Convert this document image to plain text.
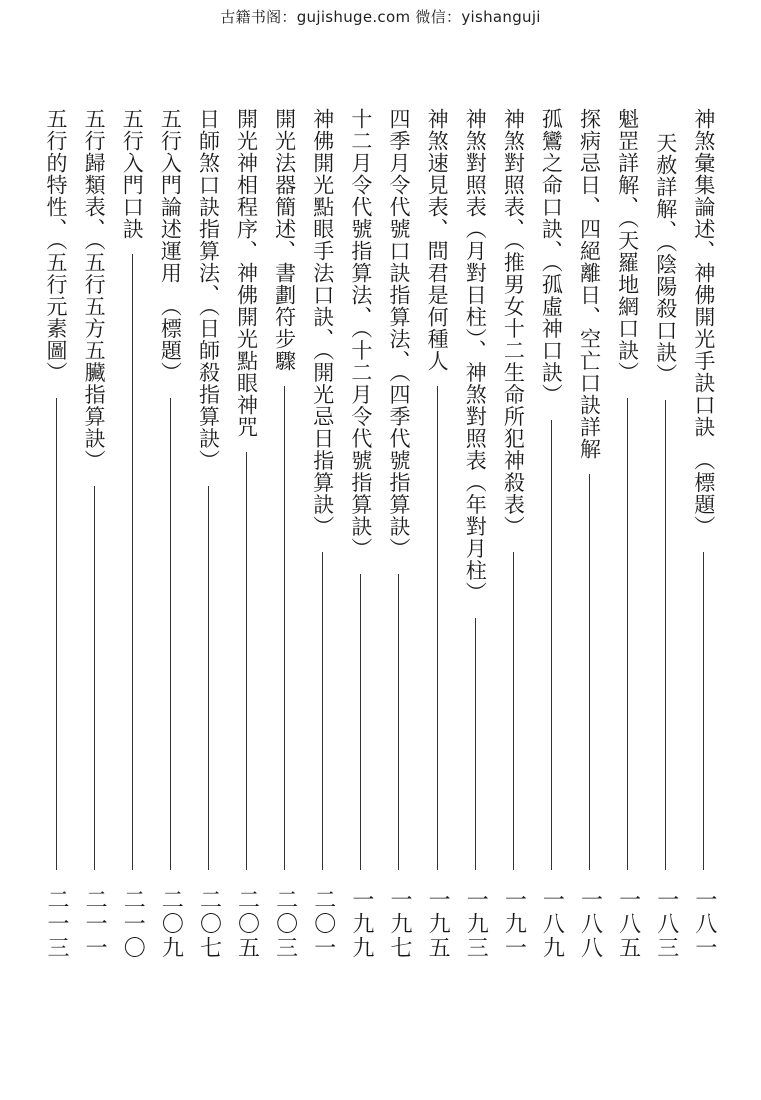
古籍书阁：gujishuge.com 微信：yishanguji
神煞彙集論述、神佛開光手訣口訣　（標題）
一八一
天赦詳解、（陰陽殺口訣）
一八三
魁罡詳解、（天羅地網口訣）
一八五
探病忌日、四絕離日、空亡口訣詳解
一八八
孤鸞之命口訣、（孤虛神口訣）
一八九
神煞對照表、（推男女十二生命所犯神殺表）
一九一
神煞對照表（月對日柱）、神煞對照表（年對月柱）
一九三
神煞速見表、問君是何種人
一九五
四季月令代號口訣指算法、（四季代號指算訣）
一九七
十二月令代號指算法、（十二月令代號指算訣）
一九九
神佛開光點眼手法口訣、（開光忌日指算訣）
二〇一
開光法器簡述、書劃符步驟
二〇三
開光神相程序、神佛開光點眼神咒
二〇五
日師煞口訣指算法、（日師殺指算訣）
二〇七
五行入門論述運用　（標題）
二〇九
五行入門口訣
二一〇
五行歸類表、（五行五方五臟指算訣）
二一一
五行的特性、（五行元素圖）
二一三
